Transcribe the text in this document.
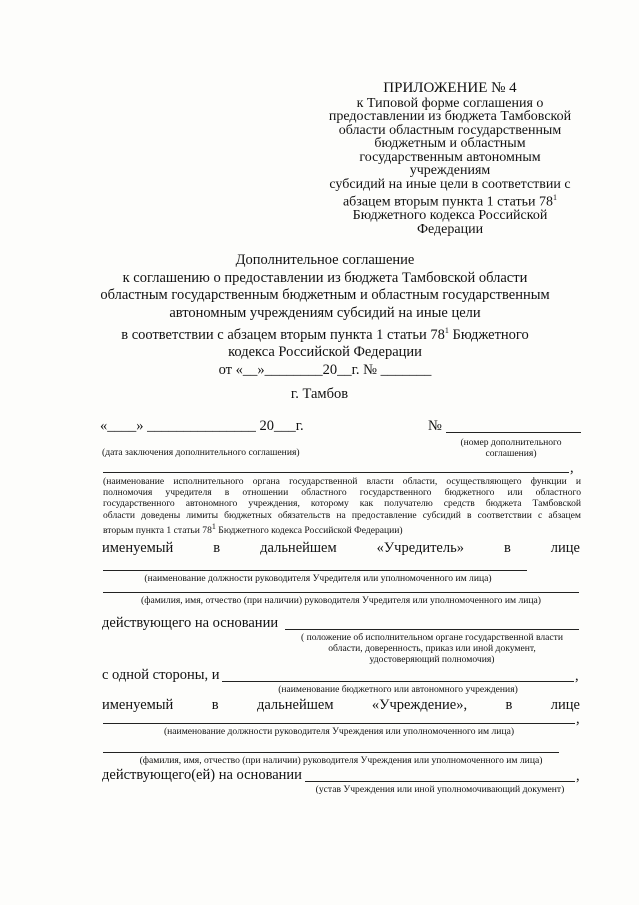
ПРИЛОЖЕНИЕ № 4
к Типовой форме соглашения о
предоставлении из бюджета Тамбовской
области областным государственным
бюджетным и областным
государственным автономным
учреждениям
субсидий на иные цели в соответствии с
абзацем вторым пункта 1 статьи $78^1$
Бюджетного кодекса Российской
Федерации
Дополнительное соглашение
к соглашению о предоставлении из бюджета Тамбовской области
областным государственным бюджетным и областным государственным
автономным учреждениям субсидий на иные цели
в соответствии с абзацем вторым пункта 1 статьи $78^1$ Бюджетного
кодекса Российской Федерации
от «__»________20__г. № _______
г. Тамбов
«____» _______________ 20___г.	№
(номер дополнительного
соглашения)
(дата заключения дополнительного соглашения)
,
(наименование исполнительного органа государственной власти области, осуществляющего функции и
полномочия учредителя в отношении областного государственного бюджетного или областного
государственного автономного учреждения, которому как получателю средств бюджета Тамбовской
области доведены лимиты бюджетных обязательств на предоставление субсидий в соответствии с абзацем
вторым пункта 1 статьи $78^1$ Бюджетного кодекса Российской Федерации)
именуемый	в	дальнейшем	«Учредитель»	в	лице
(наименование должности руководителя Учредителя или уполномоченного им лица)
(фамилия, имя, отчество (при наличии) руководителя Учредителя или уполномоченного им лица)
действующего на основании
( положение об исполнительном органе государственной власти
области, доверенность, приказ или иной документ,
удостоверяющий полномочия)
с одной стороны, и	,
(наименование бюджетного или автономного учреждения)
именуемый	в	дальнейшем	«Учреждение»,	в	лице
,
(наименование должности руководителя Учреждения или уполномоченного им лица)
(фамилия, имя, отчество (при наличии) руководителя Учреждения или уполномоченного им лица)
действующего(ей) на основании	,
(устав Учреждения или иной уполномочивающий документ)
